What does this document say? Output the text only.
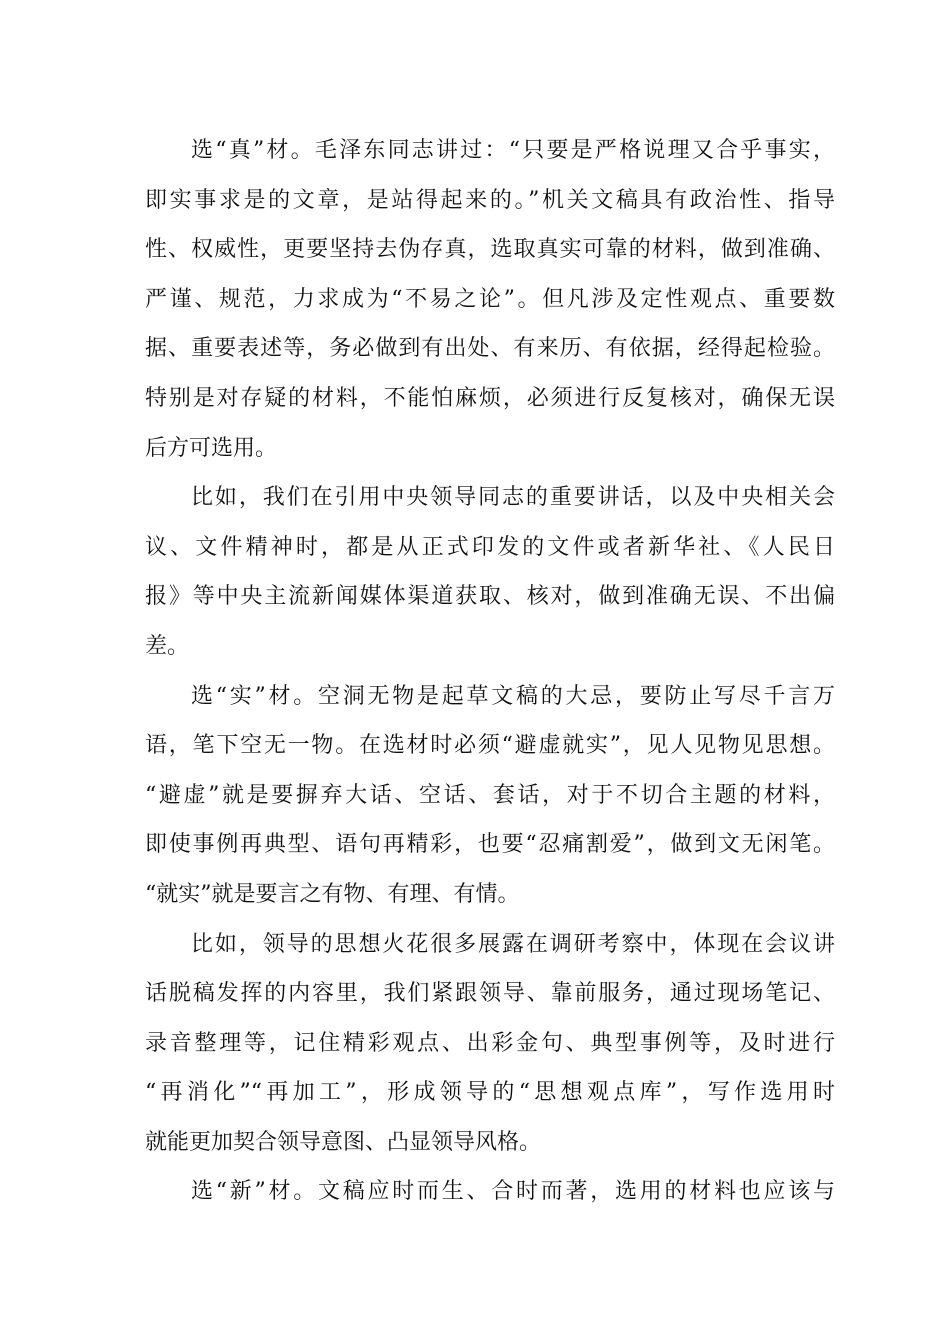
选“真”材。毛泽东同志讲过：“只要是严格说理又合乎事实，
即实事求是的文章，是站得起来的。”机关文稿具有政治性、指导
性、权威性，更要坚持去伪存真，选取真实可靠的材料，做到准确、
严谨、规范，力求成为“不易之论”。但凡涉及定性观点、重要数
据、重要表述等，务必做到有出处、有来历、有依据，经得起检验。
特别是对存疑的材料，不能怕麻烦，必须进行反复核对，确保无误
后方可选用。
比如，我们在引用中央领导同志的重要讲话，以及中央相关会
议、文件精神时，都是从正式印发的文件或者新华社、《人民日
报》等中央主流新闻媒体渠道获取、核对，做到准确无误、不出偏
差。
选“实”材。空洞无物是起草文稿的大忌，要防止写尽千言万
语，笔下空无一物。在选材时必须“避虚就实”，见人见物见思想。
“避虚”就是要摒弃大话、空话、套话，对于不切合主题的材料，
即使事例再典型、语句再精彩，也要“忍痛割爱”，做到文无闲笔。
“就实”就是要言之有物、有理、有情。
比如，领导的思想火花很多展露在调研考察中，体现在会议讲
话脱稿发挥的内容里，我们紧跟领导、靠前服务，通过现场笔记、
录音整理等，记住精彩观点、出彩金句、典型事例等，及时进行
“再消化”“再加工”，形成领导的“思想观点库”，写作选用时
就能更加契合领导意图、凸显领导风格。
选“新”材。文稿应时而生、合时而著，选用的材料也应该与
